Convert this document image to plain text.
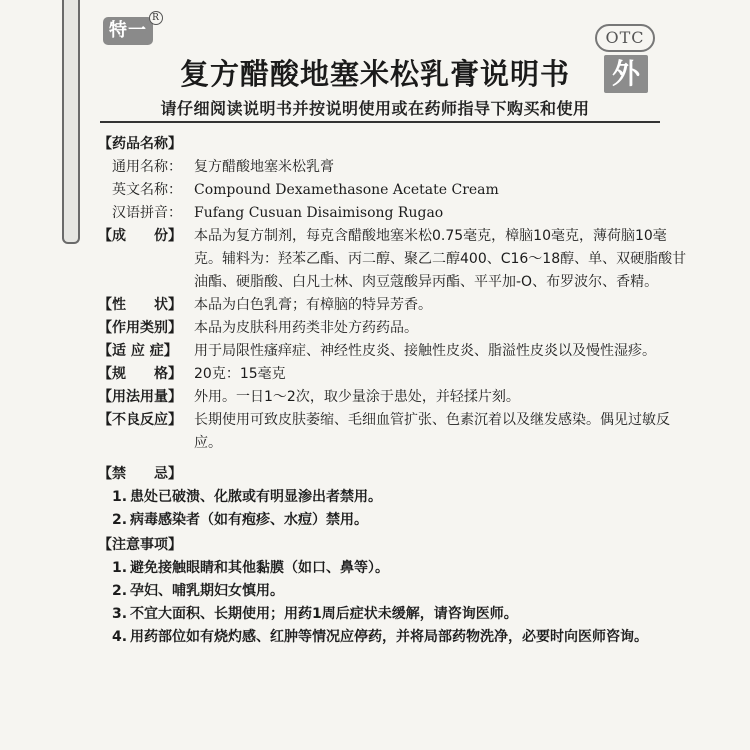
特一
R
OTC
外
复方醋酸地塞米松乳膏说明书
请仔细阅读说明书并按说明使用或在药师指导下购买和使用
【药品名称】
通用名称： 复方醋酸地塞米松乳膏
英文名称： Compound Dexamethasone Acetate Cream
汉语拼音： Fufang Cusuan Disaimisong Rugao
【成　　份】 本品为复方制剂，每克含醋酸地塞米松0.75毫克，樟脑10毫克，薄荷脑10毫克。辅料为：羟苯乙酯、丙二醇、聚乙二醇400、C16～18醇、单、双硬脂酸甘油酯、硬脂酸、白凡士林、肉豆蔻酸异丙酯、平平加-O、布罗波尔、香精。
【性　　状】 本品为白色乳膏；有樟脑的特异芳香。
【作用类别】 本品为皮肤科用药类非处方药药品。
【适 应 症】	用于局限性瘙痒症、神经性皮炎、接触性皮炎、脂溢性皮炎以及慢性湿疹。
【规　　格】 20克：15毫克
【用法用量】 外用。一日1～2次，取少量涂于患处，并轻揉片刻。
【不良反应】 长期使用可致皮肤萎缩、毛细血管扩张、色素沉着以及继发感染。偶见过敏反应。
【禁　　忌】
1. 患处已破溃、化脓或有明显渗出者禁用。
2. 病毒感染者（如有疱疹、水痘）禁用。
【注意事项】
1. 避免接触眼睛和其他黏膜（如口、鼻等）。
2. 孕妇、哺乳期妇女慎用。
3. 不宜大面积、长期使用；用药1周后症状未缓解，请咨询医师。
4. 用药部位如有烧灼感、红肿等情况应停药，并将局部药物洗净，必要时向医师咨询。
